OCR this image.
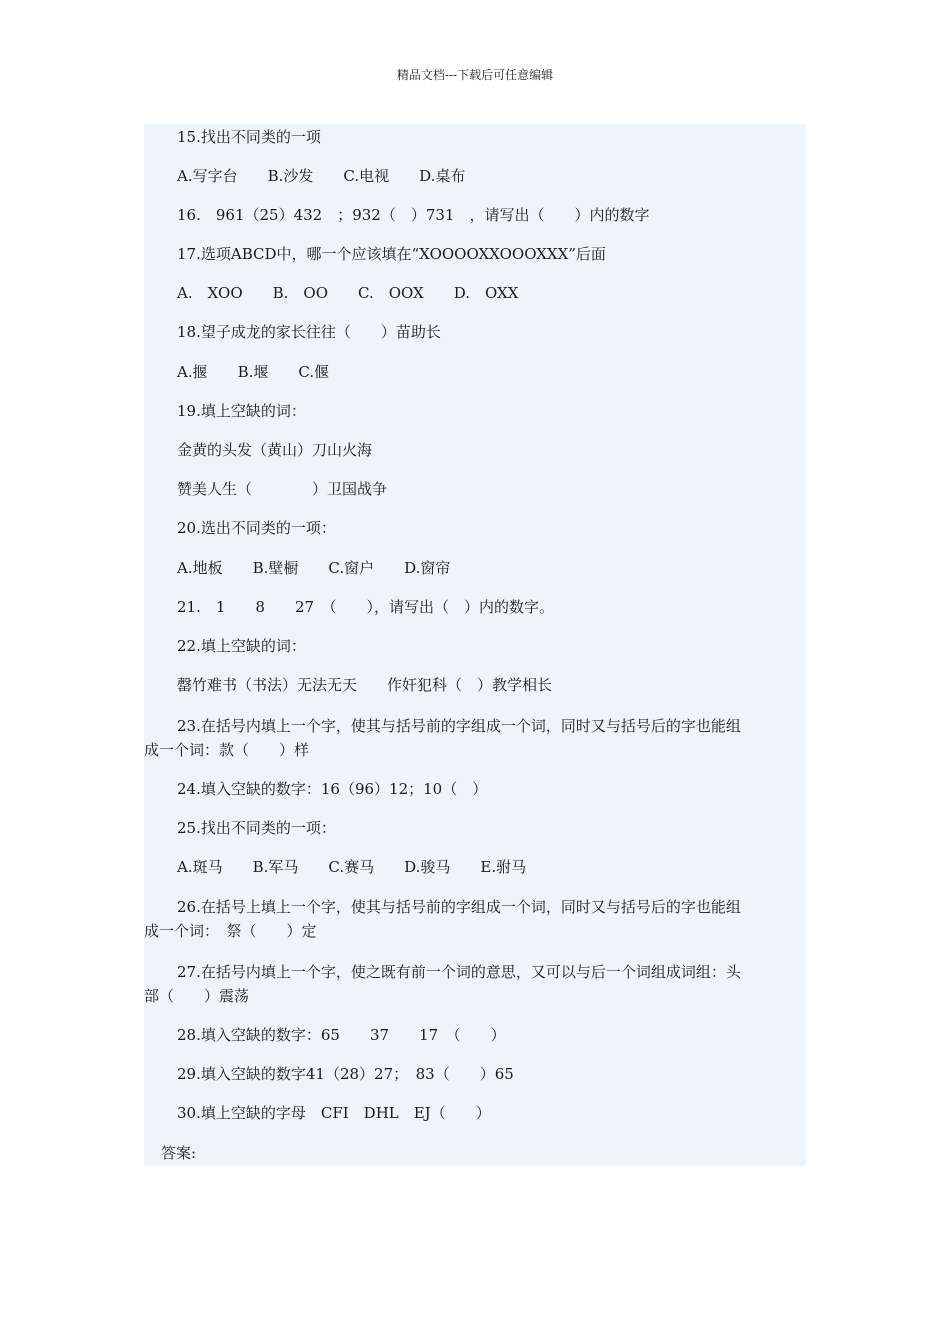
精品文档---下载后可任意编辑
15.找出不同类的一项
A.写字台　　B.沙发　　C.电视　　D.桌布
16.　961（25）432　；932（　）731　，请写出（　　）内的数字
17.选项ABCD中，哪一个应该填在“XOOOOXXOOOXXX”后面
A.　XOO　　B.　OO　　C.　OOX　　D.　OXX
18.望子成龙的家长往往（　　）苗助长
A.揠　　B.堰　　C.偃
19.填上空缺的词：
金黄的头发（黄山）刀山火海
赞美人生（　　　　）卫国战争
20.选出不同类的一项：
A.地板　　B.壁橱　　C.窗户　　D.窗帘
21.　1　　8　　27　（　　），请写出（　）内的数字。
22.填上空缺的词：
罄竹难书（书法）无法无天　　作奸犯科（　）教学相长
23.在括号内填上一个字，使其与括号前的字组成一个词，同时又与括号后的字也能组
成一个词：款（　　）样
24.填入空缺的数字：16（96）12；10（　）
25.找出不同类的一项：
A.斑马　　B.军马　　C.赛马　　D.骏马　　E.驸马
26.在括号上填上一个字，使其与括号前的字组成一个词，同时又与括号后的字也能组
成一个词：　祭（　　）定
27.在括号内填上一个字，使之既有前一个词的意思，又可以与后一个词组成词组：头
部（　　）震荡
28.填入空缺的数字：65　　37　　17　（　　）
29.填入空缺的数字41（28）27；　83（　　）65
30.填上空缺的字母　CFI　DHL　EJ（　　）
答案:
